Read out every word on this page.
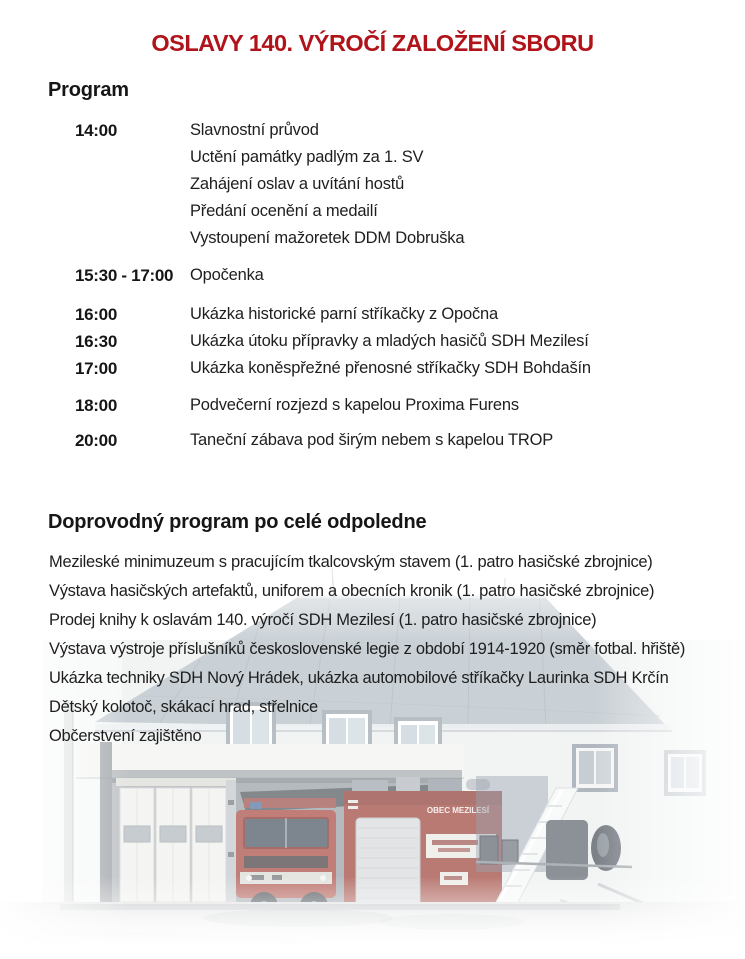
OBEC MEZILESÍ
OSLAVY 140. VÝROČÍ ZALOŽENÍ SBORU
Program
14:00	Slavnostní průvod
Uctění památky padlým za 1. SV
Zahájení oslav a uvítání hostů
Předání ocenění a medailí
Vystoupení mažoretek DDM Dobruška
15:30 - 17:00	Opočenka
16:00	Ukázka historické parní stříkačky z Opočna
16:30	Ukázka útoku přípravky a mladých hasičů SDH Mezilesí
17:00	Ukázka koněspřežné přenosné stříkačky SDH Bohdašín
18:00	Podvečerní rozjezd s kapelou Proxima Furens
20:00	Taneční zábava pod širým nebem s kapelou TROP
Doprovodný program po celé odpoledne
Mezileské minimuzeum s pracujícím tkalcovským stavem (1. patro hasičské zbrojnice)
Výstava hasičských artefaktů, uniforem a obecních kronik (1. patro hasičské zbrojnice)
Prodej knihy k oslavám 140. výročí SDH Mezilesí (1. patro hasičské zbrojnice)
Výstava výstroje příslušníků československé legie z období 1914-1920 (směr fotbal. hřiště)
Ukázka techniky SDH Nový Hrádek, ukázka automobilové stříkačky Laurinka SDH Krčín
Dětský kolotoč, skákací hrad, střelnice
Občerstvení zajištěno
